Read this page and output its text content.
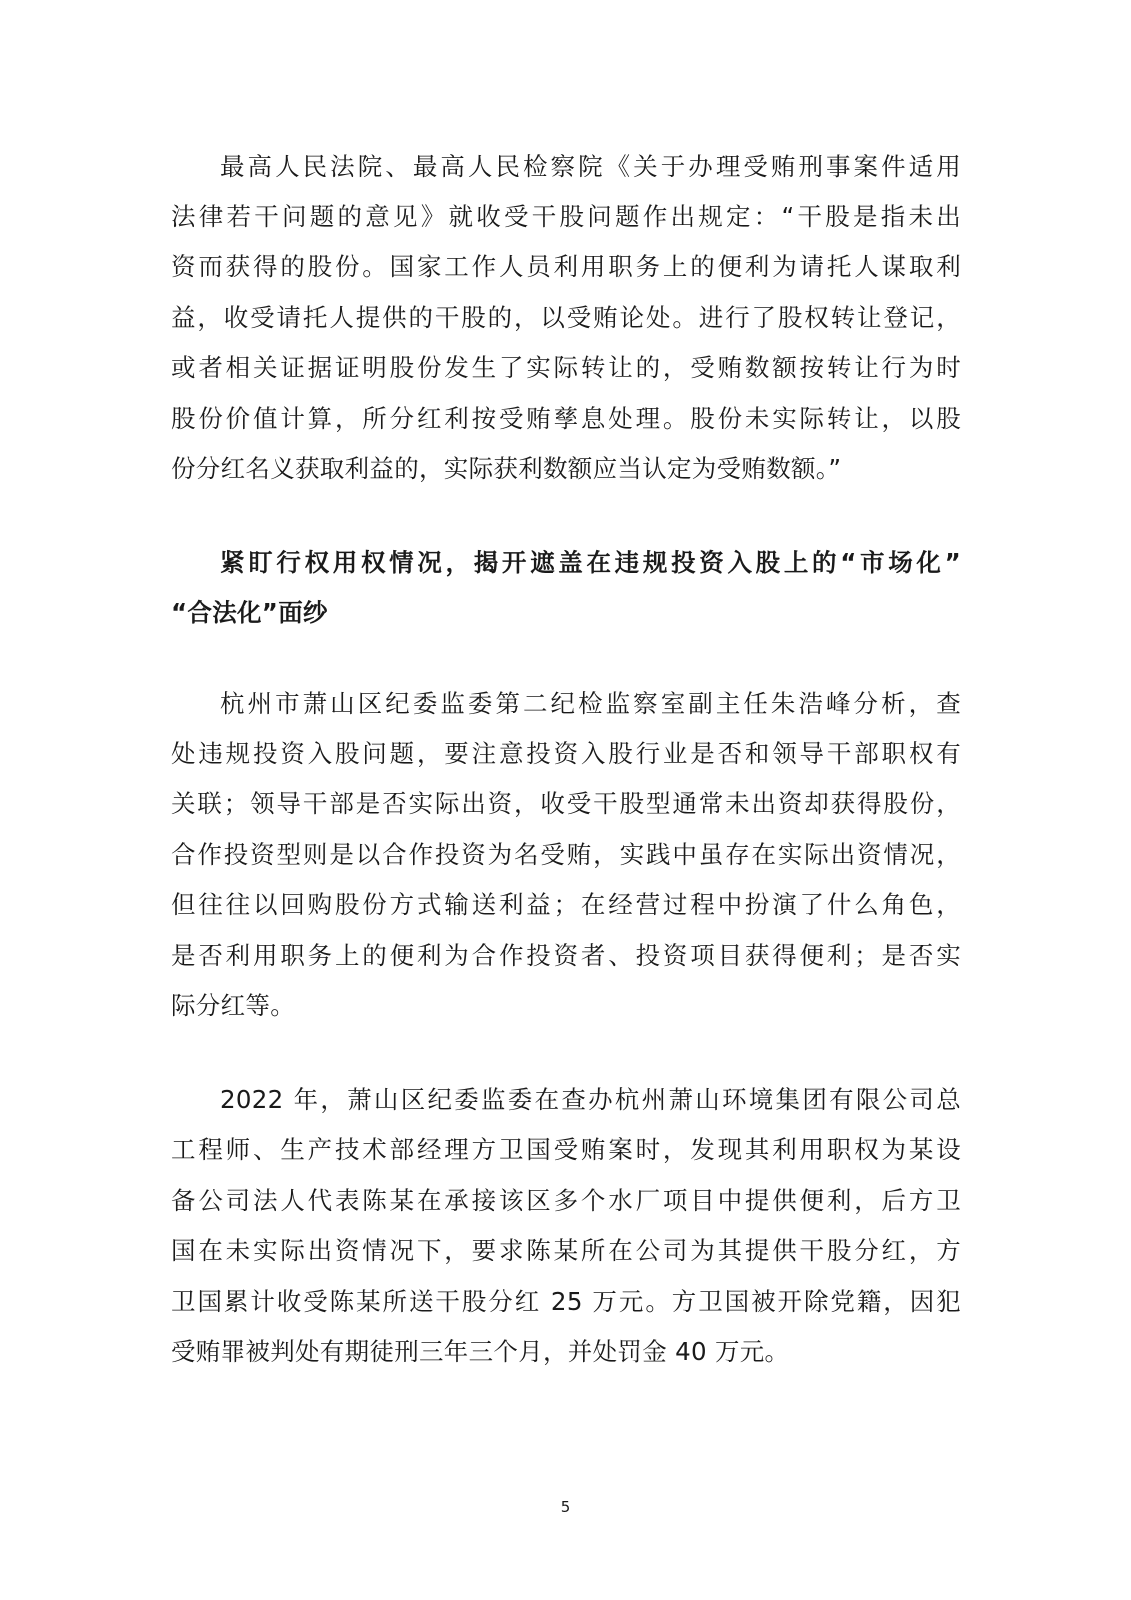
最高人民法院、最高人民检察院《关于办理受贿刑事案件适用
法律若干问题的意见》就收受干股问题作出规定：“干股是指未出
资而获得的股份。国家工作人员利用职务上的便利为请托人谋取利
益，收受请托人提供的干股的，以受贿论处。进行了股权转让登记，
或者相关证据证明股份发生了实际转让的，受贿数额按转让行为时
股份价值计算，所分红利按受贿孳息处理。股份未实际转让，以股
份分红名义获取利益的，实际获利数额应当认定为受贿数额。”
紧盯行权用权情况，揭开遮盖在违规投资入股上的“市场化”
“合法化”面纱
杭州市萧山区纪委监委第二纪检监察室副主任朱浩峰分析，查
处违规投资入股问题，要注意投资入股行业是否和领导干部职权有
关联；领导干部是否实际出资，收受干股型通常未出资却获得股份，
合作投资型则是以合作投资为名受贿，实践中虽存在实际出资情况，
但往往以回购股份方式输送利益；在经营过程中扮演了什么角色，
是否利用职务上的便利为合作投资者、投资项目获得便利；是否实
际分红等。
2022 年，萧山区纪委监委在查办杭州萧山环境集团有限公司总
工程师、生产技术部经理方卫国受贿案时，发现其利用职权为某设
备公司法人代表陈某在承接该区多个水厂项目中提供便利，后方卫
国在未实际出资情况下，要求陈某所在公司为其提供干股分红，方
卫国累计收受陈某所送干股分红 25 万元。方卫国被开除党籍，因犯
受贿罪被判处有期徒刑三年三个月，并处罚金 40 万元。
5
